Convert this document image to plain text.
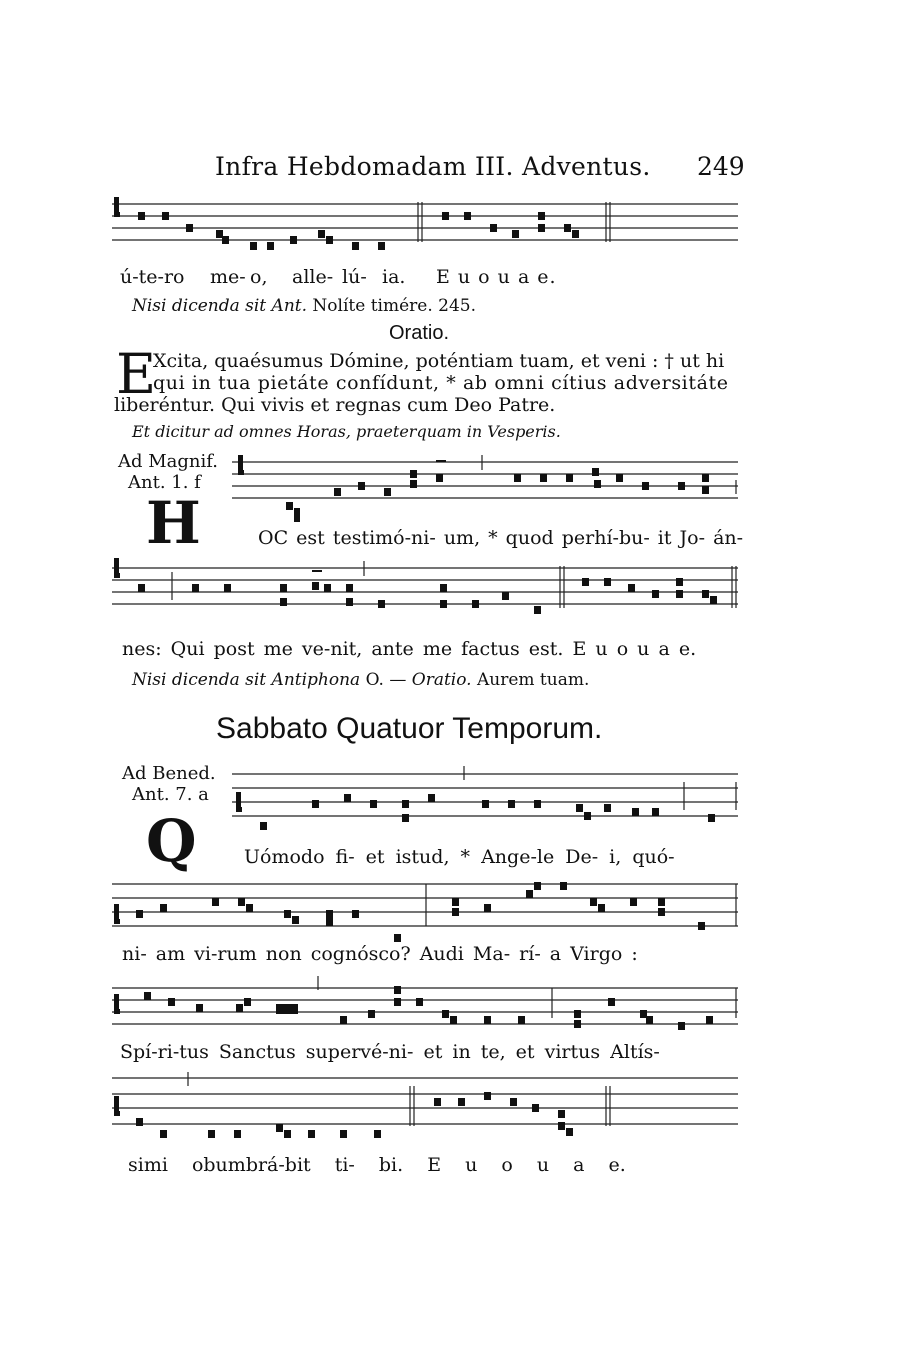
Infra Hebdomadam III. Adventus. 249
ú-te-ro me- o, alle- lú- ia. E u o u a e.
Nisi dicenda sit Ant. Nolíte timére. 245.
Oratio.
E
Xcita, quaésumus Dómine, poténtiam tuam, et veni : † ut hi
qui in tua pietáte confídunt, * ab omni cítius adversitáte
liberéntur. Qui vivis et regnas cum Deo Patre.
Et dicitur ad omnes Horas, praeterquam in Vesperis.
Ad Magnif.
Ant. 1. f
H	OC est testimó-ni- um, * quod perhí-bu- it Jo- án-
nes: Qui post me ve-nit, ante me factus est. E u o u a e.
Nisi dicenda sit Antiphona O. — Oratio. Aurem tuam.
Sabbato Quatuor Temporum.
Ad Bened.
Ant. 7. a
Q Uómodo fi- et istud, * Ange-le De- i, quó-
ni- am vi-rum non cognósco? Audi Ma- rí- a Virgo :
Spí-ri-tus Sanctus supervé-ni- et in te, et virtus Altís-
simi obumbrá-bit ti- bi. E u o u a e.
